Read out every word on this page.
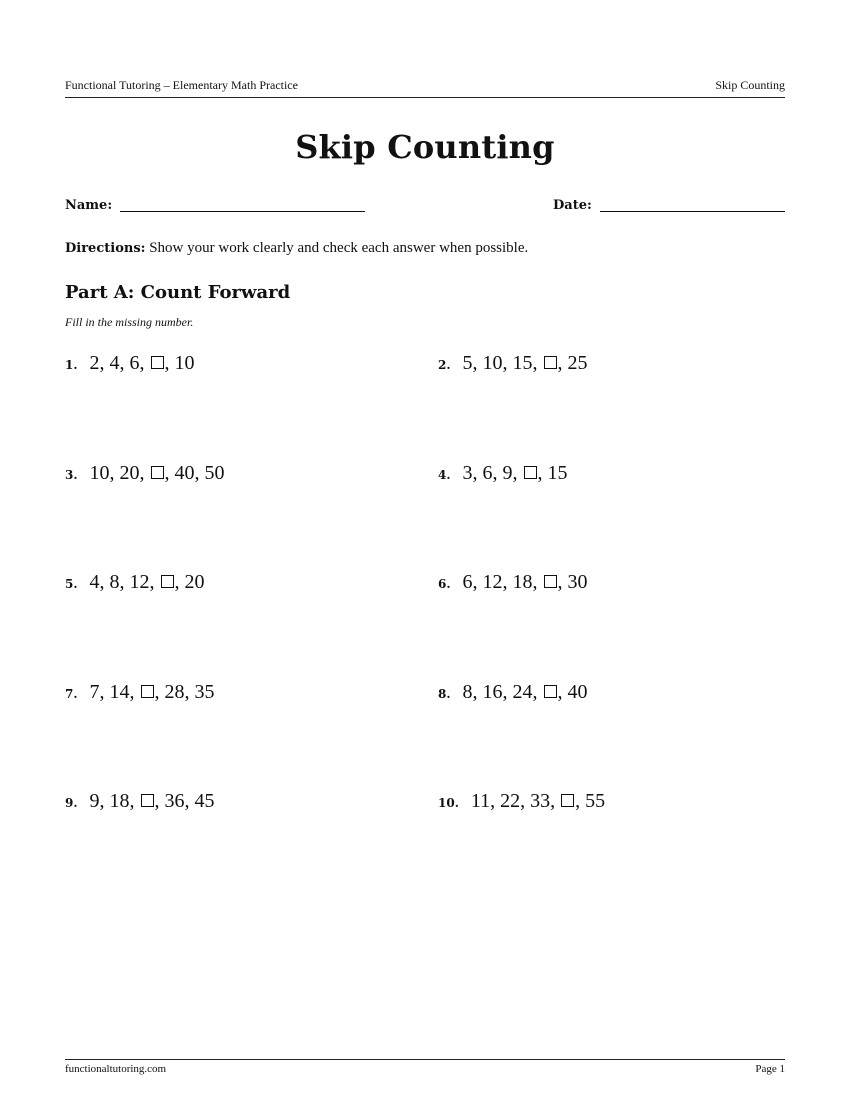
Functional Tutoring – Elementary Math Practice	Skip Counting
Skip Counting
Name:	Date:
Directions: Show your work clearly and check each answer when possible.
Part A: Count Forward
Fill in the missing number.
1. 2, 4, 6, , 10	2. 5, 10, 15, , 25
3. 10, 20, , 40, 50	4. 3, 6, 9, , 15
5. 4, 8, 12, , 20	6. 6, 12, 18, , 30
7. 7, 14, , 28, 35	8. 8, 16, 24, , 40
9. 9, 18, , 36, 45	10. 11, 22, 33, , 55
functionaltutoring.com	Page 1
